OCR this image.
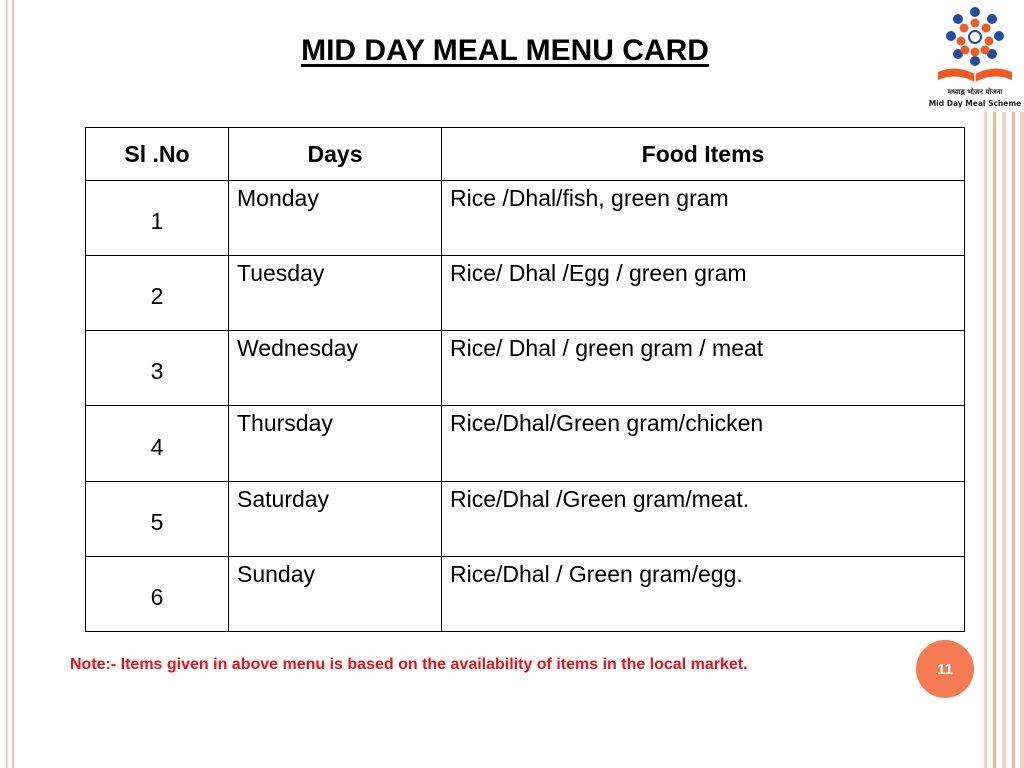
MID DAY MEAL MENU CARD
मध्याह्न भोजन योजना
Mid Day Meal Scheme
Sl .No	Days	Food Items
1	Monday	Rice /Dhal/fish, green gram
2	Tuesday	Rice/ Dhal /Egg / green gram
3	Wednesday	Rice/ Dhal / green gram / meat
4	Thursday	Rice/Dhal/Green gram/chicken
5	Saturday	Rice/Dhal /Green gram/meat.
6	Sunday	Rice/Dhal / Green gram/egg.
Note:- Items given in above menu is based on the availability of items in the local market.	11
